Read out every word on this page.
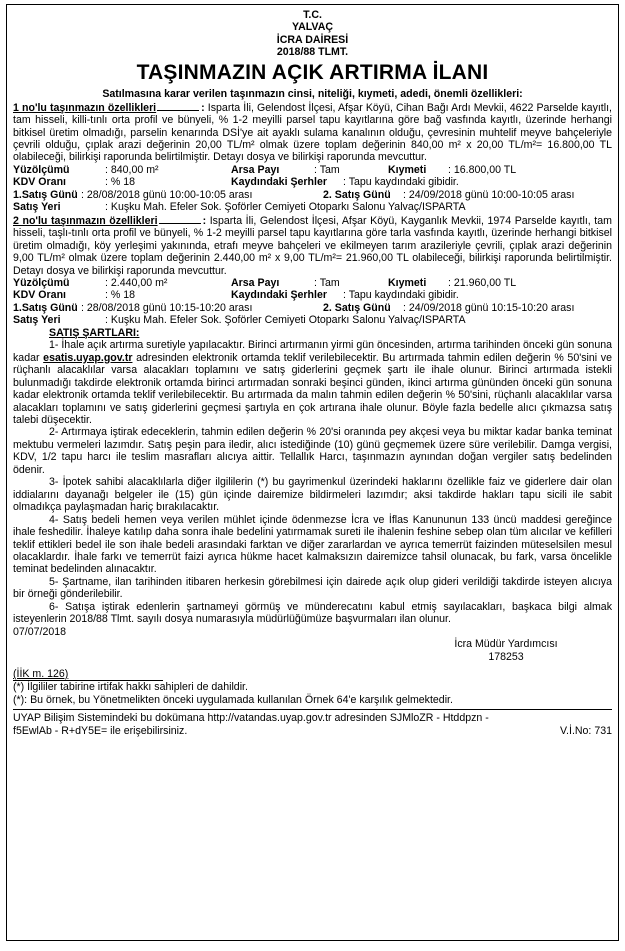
T.C.
YALVAÇ
İCRA DAİRESİ
2018/88 TLMT.
TAŞINMAZIN AÇIK ARTIRMA İLANI
Satılmasına karar verilen taşınmazın cinsi, niteliği, kıymeti, adedi, önemli özellikleri:
1 no'lu taşınmazın özellikleri	: Isparta İli, Gelendost İlçesi, Afşar Köyü, Cihan Bağı Ardı Mevkii, 4622 Parselde kayıtlı, tam hisseli, killi-tınlı orta profil ve bünyeli, % 1-2 meyilli parsel tapu kayıtlarına göre bağ vasfında kayıtlı, üzerinde herhangi bitkisel üretim olmadığı, parselin kenarında DSİ'ye ait ayaklı sulama kanalının olduğu, çevresinin muhtelif meyve bahçeleriyle çevrili olduğu, çıplak arazi değerinin 20,00 TL/m² olmak üzere toplam değerinin 840,00 m² x 20,00 TL/m²= 16.800,00 TL olabileceği, bilirkişi raporunda belirtilmiştir. Detayı dosya ve bilirkişi raporunda mevcuttur.
Yüzölçümü	: 840,00 m²	Arsa Payı	: Tam	Kıymeti	: 16.800,00 TL
KDV Oranı	: % 18	Kaydındaki Şerhler	: Tapu kaydındaki gibidir.
1.Satış Günü : 28/08/2018 günü 10:00-10:05 arası	2. Satış Günü	: 24/09/2018 günü 10:00-10:05 arası
Satış Yeri	: Kuşku Mah. Efeler Sok. Şoförler Cemiyeti Otoparkı Salonu Yalvaç/ISPARTA
2 no'lu taşınmazın özellikleri	: Isparta İli, Gelendost İlçesi, Afşar Köyü, Kayganlık Mevkii, 1974 Parselde kayıtlı, tam hisseli, taşlı-tınlı orta profil ve bünyeli, % 1-2 meyilli parsel tapu kayıtlarına göre tarla vasfında kayıtlı, üzerinde herhangi bitkisel üretim olmadığı, köy yerleşimi yakınında, etrafı meyve bahçeleri ve ekilmeyen tarım arazileriyle çevrili, çıplak arazi değerinin 9,00 TL/m² olmak üzere toplam değerinin 2.440,00 m² x 9,00 TL/m²= 21.960,00 TL olabileceği, bilirkişi raporunda belirtilmiştir. Detayı dosya ve bilirkişi raporunda mevcuttur.
Yüzölçümü	: 2.440,00 m²	Arsa Payı	: Tam	Kıymeti	: 21.960,00 TL
KDV Oranı	: % 18	Kaydındaki Şerhler	: Tapu kaydındaki gibidir.
1.Satış Günü : 28/08/2018 günü 10:15-10:20 arası	2. Satış Günü	: 24/09/2018 günü 10:15-10:20 arası
Satış Yeri	: Kuşku Mah. Efeler Sok. Şoförler Cemiyeti Otoparkı Salonu Yalvaç/ISPARTA
SATIŞ ŞARTLARI:
1- İhale açık artırma suretiyle yapılacaktır. Birinci artırmanın yirmi gün öncesinden, artırma tarihinden önceki gün sonuna kadar esatis.uyap.gov.tr adresinden elektronik ortamda teklif verilebilecektir. Bu artırmada tahmin edilen değerin % 50'sini ve rüçhanlı alacaklılar varsa alacakları toplamını ve satış giderlerini geçmek şartı ile ihale olunur. Birinci artırmada istekli bulunmadığı takdirde elektronik ortamda birinci artırmadan sonraki beşinci günden, ikinci artırma gününden önceki gün sonuna kadar elektronik ortamda teklif verilebilecektir. Bu artırmada da malın tahmin edilen değerin % 50'sini, rüçhanlı alacaklılar varsa alacakları toplamını ve satış giderlerini geçmesi şartıyla en çok artırana ihale olunur. Böyle fazla bedelle alıcı çıkmazsa satış talebi düşecektir.
2- Artırmaya iştirak edeceklerin, tahmin edilen değerin % 20'si oranında pey akçesi veya bu miktar kadar banka teminat mektubu vermeleri lazımdır. Satış peşin para iledir, alıcı istediğinde (10) günü geçmemek üzere süre verilebilir. Damga vergisi, KDV, 1/2 tapu harcı ile teslim masrafları alıcıya aittir. Tellallık Harcı, taşınmazın aynından doğan vergiler satış bedelinden ödenir.
3- İpotek sahibi alacaklılarla diğer ilgililerin (*) bu gayrimenkul üzerindeki haklarını özellikle faiz ve giderlere dair olan iddialarını dayanağı belgeler ile (15) gün içinde dairemize bildirmeleri lazımdır; aksi takdirde hakları tapu sicili ile sabit olmadıkça paylaşmadan hariç bırakılacaktır.
4- Satış bedeli hemen veya verilen mühlet içinde ödenmezse İcra ve İflas Kanununun 133 üncü maddesi gereğince ihale feshedilir. İhaleye katılıp daha sonra ihale bedelini yatırmamak sureti ile ihalenin feshine sebep olan tüm alıcılar ve kefilleri teklif ettikleri bedel ile son ihale bedeli arasındaki farktan ve diğer zararlardan ve ayrıca temerrüt faizinden müteselsilen mesul olacaklardır. İhale farkı ve temerrüt faizi ayrıca hükme hacet kalmaksızın dairemizce tahsil olunacak, bu fark, varsa öncelikle teminat bedelinden alınacaktır.
5- Şartname, ilan tarihinden itibaren herkesin görebilmesi için dairede açık olup gideri verildiği takdirde isteyen alıcıya bir örneği gönderilebilir.
6- Satışa iştirak edenlerin şartnameyi görmüş ve münderecatını kabul etmiş sayılacakları, başkaca bilgi almak isteyenlerin 2018/88 Tlmt. sayılı dosya numarasıyla müdürlüğümüze başvurmaları ilan olunur.
07/07/2018
İcra Müdür Yardımcısı
178253
(İİK m. 126)
(*) İlgililer tabirine irtifak hakkı sahipleri de dahildir.
(*): Bu örnek, bu Yönetmelikten önceki uygulamada kullanılan Örnek 64'e karşılık gelmektedir.
UYAP Bilişim Sistemindeki bu dokümana http://vatandas.uyap.gov.tr adresinden SJMloZR - Htddpzn -
f5EwlAb - R+dY5E= ile erişebilirsiniz.	V.İ.No: 731
